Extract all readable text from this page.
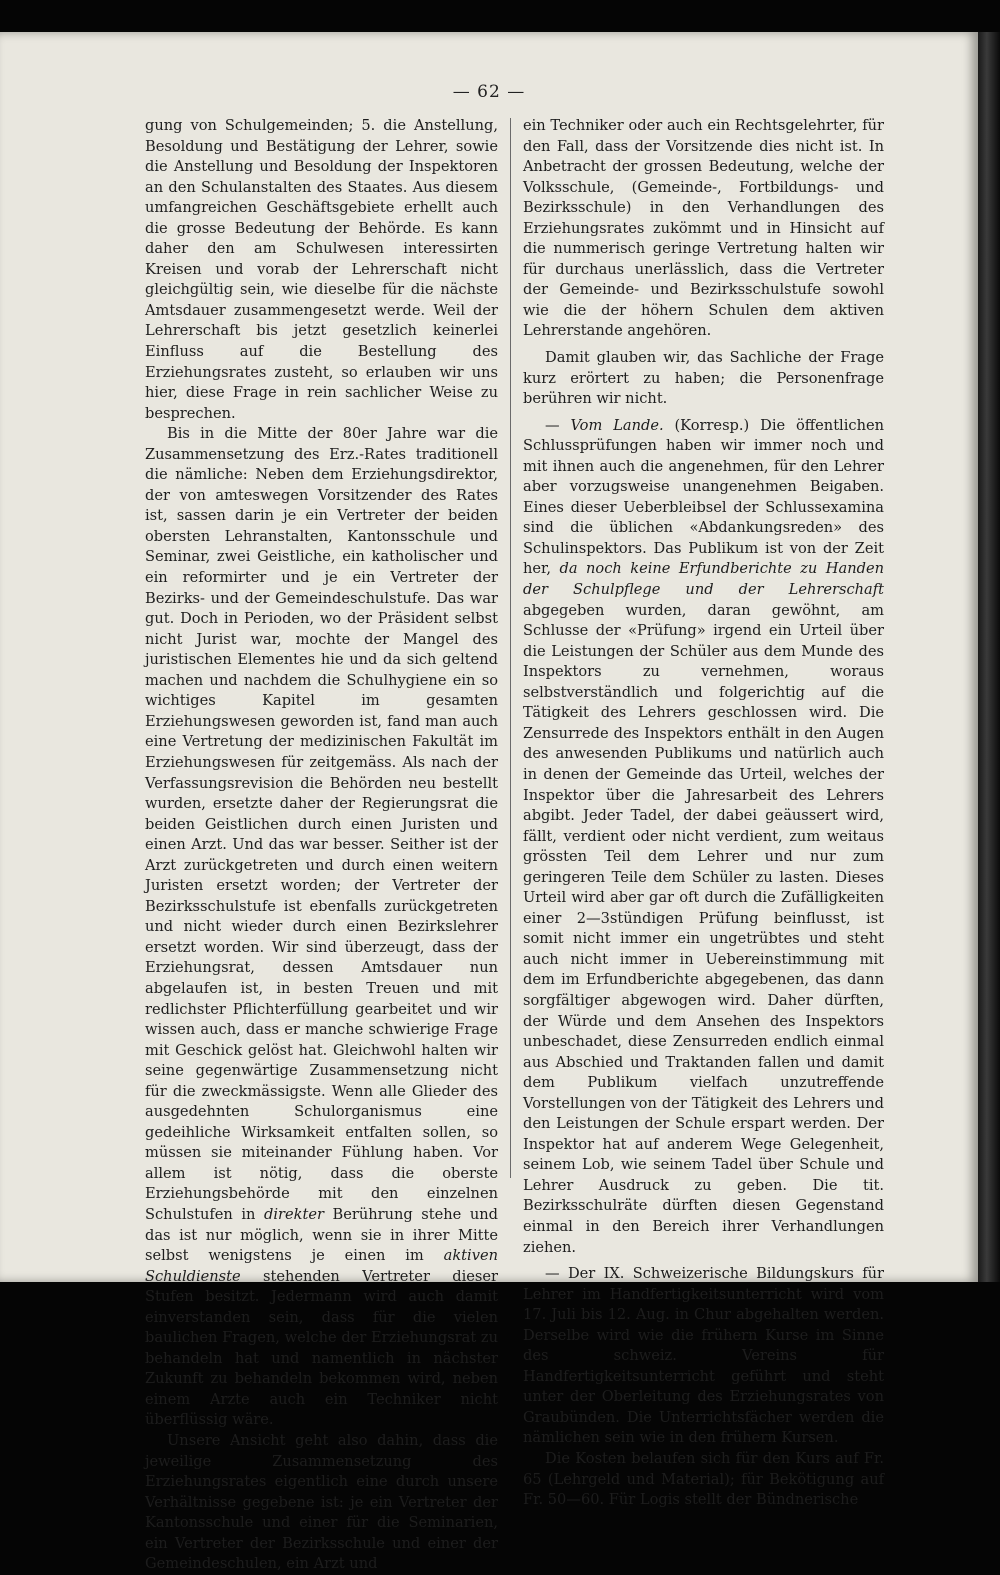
— 62 —

gung von Schulgemeinden; 5. die Anstellung, Besoldung und Bestätigung der Lehrer, sowie die Anstellung und Besoldung der Inspektoren an den Schulanstalten des Staates. Aus diesem umfangreichen Geschäftsgebiete erhellt auch die grosse Bedeutung der Behörde. Es kann daher den am Schulwesen interessirten Kreisen und vorab der Lehrerschaft nicht gleichgültig sein, wie dieselbe für die nächste Amtsdauer zusammengesetzt werde. Weil der Lehrerschaft bis jetzt gesetzlich keinerlei Einfluss auf die Bestellung des Erziehungsrates zusteht, so erlauben wir uns hier, diese Frage in rein sachlicher Weise zu besprechen.

Bis in die Mitte der 80er Jahre war die Zusammensetzung des Erz.-Rates traditionell die nämliche: Neben dem Erziehungsdirektor, der von amteswegen Vorsitzender des Rates ist, sassen darin je ein Vertreter der beiden obersten Lehranstalten, Kantonsschule und Seminar, zwei Geistliche, ein katholischer und ein reformirter und je ein Vertreter der Bezirks- und der Gemeindeschulstufe. Das war gut. Doch in Perioden, wo der Präsident selbst nicht Jurist war, mochte der Mangel des juristischen Elementes hie und da sich geltend machen und nachdem die Schulhygiene ein so wichtiges Kapitel im gesamten Erziehungswesen geworden ist, fand man auch eine Vertretung der medizinischen Fakultät im Erziehungswesen für zeitgemäss. Als nach der Verfassungsrevision die Behörden neu bestellt wurden, ersetzte daher der Regierungsrat die beiden Geistlichen durch einen Juristen und einen Arzt. Und das war besser. Seither ist der Arzt zurückgetreten und durch einen weitern Juristen ersetzt worden; der Vertreter der Bezirksschulstufe ist ebenfalls zurückgetreten und nicht wieder durch einen Bezirkslehrer ersetzt worden. Wir sind überzeugt, dass der Erziehungsrat, dessen Amtsdauer nun abgelaufen ist, in besten Treuen und mit redlichster Pflichterfüllung gearbeitet und wir wissen auch, dass er manche schwierige Frage mit Geschick gelöst hat. Gleichwohl halten wir seine gegenwärtige Zusammensetzung nicht für die zweckmässigste. Wenn alle Glieder des ausgedehnten Schulorganismus eine gedeihliche Wirksamkeit entfalten sollen, so müssen sie miteinander Fühlung haben. Vor allem ist nötig, dass die oberste Erziehungsbehörde mit den einzelnen Schulstufen in direkter Berührung stehe und das ist nur möglich, wenn sie in ihrer Mitte selbst wenigstens je einen im aktiven Schuldienste stehenden Vertreter dieser Stufen besitzt. Jedermann wird auch damit einverstanden sein, dass für die vielen baulichen Fragen, welche der Erziehungsrat zu behandeln hat und namentlich in nächster Zukunft zu behandeln bekommen wird, neben einem Arzte auch ein Techniker nicht überflüssig wäre.

Unsere Ansicht geht also dahin, dass die jeweilige Zusammensetzung des Erziehungsrates eigentlich eine durch unsere Verhältnisse gegebene ist: je ein Vertreter der Kantonsschule und einer für die Seminarien, ein Vertreter der Bezirksschule und einer der Gemeindeschulen, ein Arzt und

ein Techniker oder auch ein Rechtsgelehrter, für den Fall, dass der Vorsitzende dies nicht ist. In Anbetracht der grossen Bedeutung, welche der Volksschule, (Gemeinde-, Fortbildungs- und Bezirksschule) in den Verhandlungen des Erziehungsrates zukömmt und in Hinsicht auf die nummerisch geringe Vertretung halten wir für durchaus unerlässlich, dass die Vertreter der Gemeinde- und Bezirksschulstufe sowohl wie die der höhern Schulen dem aktiven Lehrerstande angehören.

Damit glauben wir, das Sachliche der Frage kurz erörtert zu haben; die Personenfrage berühren wir nicht.

— Vom Lande. (Korresp.) Die öffentlichen Schlussprüfungen haben wir immer noch und mit ihnen auch die angenehmen, für den Lehrer aber vorzugsweise unangenehmen Beigaben. Eines dieser Ueberbleibsel der Schlussexamina sind die üblichen «Abdankungsreden» des Schulinspektors. Das Publikum ist von der Zeit her, da noch keine Erfundberichte zu Handen der Schulpflege und der Lehrerschaft abgegeben wurden, daran gewöhnt, am Schlusse der «Prüfung» irgend ein Urteil über die Leistungen der Schüler aus dem Munde des Inspektors zu vernehmen, woraus selbstverständlich und folgerichtig auf die Tätigkeit des Lehrers geschlossen wird. Die Zensurrede des Inspektors enthält in den Augen des anwesenden Publikums und natürlich auch in denen der Gemeinde das Urteil, welches der Inspektor über die Jahresarbeit des Lehrers abgibt. Jeder Tadel, der dabei geäussert wird, fällt, verdient oder nicht verdient, zum weitaus grössten Teil dem Lehrer und nur zum geringeren Teile dem Schüler zu lasten. Dieses Urteil wird aber gar oft durch die Zufälligkeiten einer 2—3stündigen Prüfung beinflusst, ist somit nicht immer ein ungetrübtes und steht auch nicht immer in Uebereinstimmung mit dem im Erfundberichte abgegebenen, das dann sorgfältiger abgewogen wird. Daher dürften, der Würde und dem Ansehen des Inspektors unbeschadet, diese Zensurreden endlich einmal aus Abschied und Traktanden fallen und damit dem Publikum vielfach unzutreffende Vorstellungen von der Tätigkeit des Lehrers und den Leistungen der Schule erspart werden. Der Inspektor hat auf anderem Wege Gelegenheit, seinem Lob, wie seinem Tadel über Schule und Lehrer Ausdruck zu geben. Die tit. Bezirksschulräte dürften diesen Gegenstand einmal in den Bereich ihrer Verhandlungen ziehen.

— Der IX. Schweizerische Bildungskurs für Lehrer im Handfertigkeitsunterricht wird vom 17. Juli bis 12. Aug. in Chur abgehalten werden. Derselbe wird wie die frühern Kurse im Sinne des schweiz. Vereins für Handfertigkeitsunterricht geführt und steht unter der Oberleitung des Erziehungsrates von Graubünden. Die Unterrichtsfächer werden die nämlichen sein wie in den frühern Kursen.

Die Kosten belaufen sich für den Kurs auf Fr. 65 (Lehrgeld und Material); für Bekötigung auf Fr. 50—60. Für Logis stellt der Bündnerische
